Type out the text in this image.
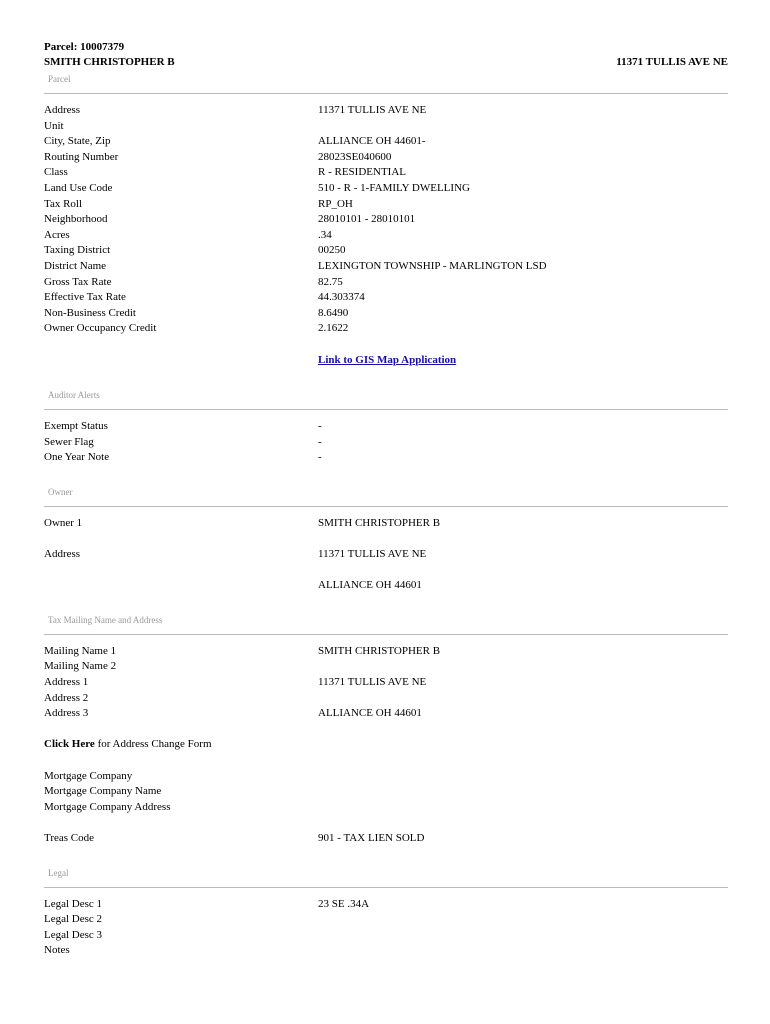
Parcel: 10007379
SMITH CHRISTOPHER B	11371 TULLIS AVE NE
Parcel
Address	11371 TULLIS AVE NE
Unit
City, State, Zip	ALLIANCE OH 44601-
Routing Number	28023SE040600
Class	R - RESIDENTIAL
Land Use Code	510 - R - 1-FAMILY DWELLING
Tax Roll	RP_OH
Neighborhood	28010101 - 28010101
Acres	.34
Taxing District	00250
District Name	LEXINGTON TOWNSHIP - MARLINGTON LSD
Gross Tax Rate	82.75
Effective Tax Rate	44.303374
Non-Business Credit	8.6490
Owner Occupancy Credit	2.1622
Link to GIS Map Application
Auditor Alerts
Exempt Status	-
Sewer Flag	-
One Year Note	-
Owner
Owner 1	SMITH CHRISTOPHER B
Address	11371 TULLIS AVE NE
ALLIANCE OH 44601
Tax Mailing Name and Address
Mailing Name 1	SMITH CHRISTOPHER B
Mailing Name 2
Address 1	11371 TULLIS AVE NE
Address 2
Address 3	ALLIANCE OH 44601
Click Here for Address Change Form
Mortgage Company
Mortgage Company Name
Mortgage Company Address
Treas Code	901 - TAX LIEN SOLD
Legal
Legal Desc 1	23 SE .34A
Legal Desc 2
Legal Desc 3
Notes
